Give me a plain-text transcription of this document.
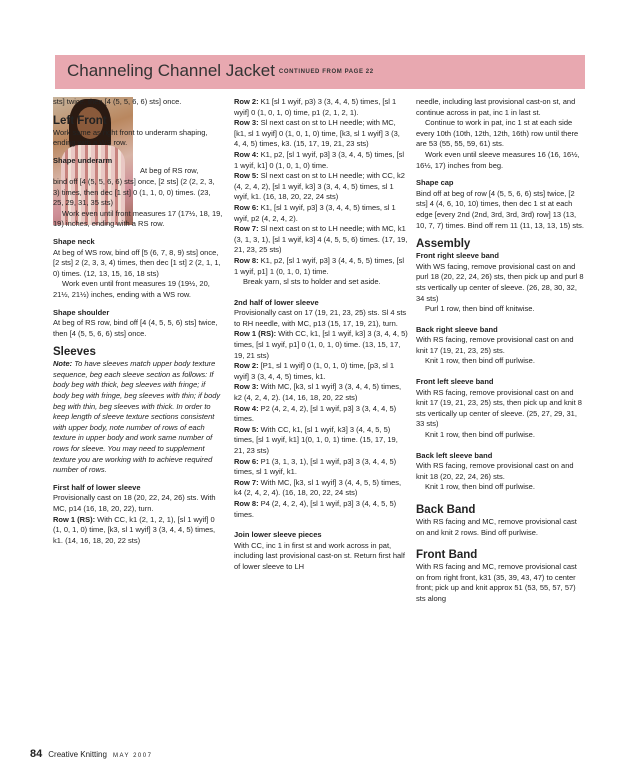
Channeling Channel Jacket CONTINUED FROM PAGE 22

sts] twice, then [4 (5, 5, 6, 6) sts] once.

Left Front

Work same as right front to underarm shaping, ending with a WS row.

Shape underarm

At beg of RS row,
bind off [4 (5, 5, 6, 6) sts] once, [2 sts] (2 (2, 2, 3, 3) times, then dec [1 st] 0 (1, 1, 0, 0) times. (23, 25, 29, 31, 35 sts)

Work even until front measures 17 (17½, 18, 19, 19) inches, ending with a RS row.

Shape neck

At beg of WS row, bind off [5 (6, 7, 8, 9) sts] once, [2 sts] 2 (2, 3, 3, 4) times, then dec [1 st] 2 (2, 1, 1, 0) times. (12, 13, 15, 16, 18 sts)

Work even until front measures 19 (19½, 20, 21½, 21½) inches, ending with a WS row.

Shape shoulder

At beg of RS row, bind off [4 (4, 5, 5, 6) sts] twice, then [4 (5, 5, 6, 6) sts] once.

Sleeves

Note: To have sleeves match upper body texture sequence, beg each sleeve section as follows: If body beg with thick, beg sleeves with fringe; if body beg with fringe, beg sleeves with thin; if body beg with thin, beg sleeves with thick. In order to keep length of sleeve texture sections consistent with upper body, note number of rows of each texture in upper body and work same number of rows for sleeve. You may need to supplement texture you are working with to achieve required number of rows.

First half of lower sleeve

Provisionally cast on 18 (20, 22, 24, 26) sts. With MC, p14 (16, 18, 20, 22), turn.

Row 1 (RS): With CC, k1 (2, 1, 2, 1), [sl 1 wyif] 0 (1, 0, 1, 0) time, [k3, sl 1 wyif] 3 (3, 4, 4, 5) times, k1. (14, 16, 18, 20, 22 sts)

Row 2: K1 [sl 1 wyif, p3) 3 (3, 4, 4, 5) times, [sl 1 wyif] 0 (1, 0, 1, 0) time, p1 (2, 1, 2, 1).

Row 3: Sl next cast on st to LH needle; with MC, [k1, sl 1 wyif] 0 (1, 0, 1, 0) time, [k3, sl 1 wyif] 3 (3, 4, 4, 5) times, k3. (15, 17, 19, 21, 23 sts)

Row 4: K1, p2, [sl 1 wyif, p3] 3 (3, 4, 4, 5) times, [sl 1 wyif, k1] 0 (1, 0, 1, 0) time.

Row 5: Sl next cast on st to LH needle; with CC, k2 (4, 2, 4, 2), [sl 1 wyif, k3] 3 (3, 4, 4, 5) times, sl 1 wyif, k1. (16, 18, 20, 22, 24 sts)

Row 6: K1, [sl 1 wyif, p3] 3 (3, 4, 4, 5) times, sl 1 wyif, p2 (4, 2, 4, 2).

Row 7: Sl next cast on st to LH needle; with MC, k1 (3, 1, 3, 1), [sl 1 wyif, k3] 4 (4, 5, 5, 6) times. (17, 19, 21, 23, 25 sts)

Row 8: K1, p2, [sl 1 wyif, p3] 3 (4, 4, 5, 5) times, [sl 1 wyif, p1] 1 (0, 1, 0, 1) time.

Break yarn, sl sts to holder and set aside.

2nd half of lower sleeve

Provisionally cast on 17 (19, 21, 23, 25) sts. Sl 4 sts to RH needle, with MC, p13 (15, 17, 19, 21), turn.

Row 1 (RS): With CC, k1, [sl 1 wyif, k3] 3 (3, 4, 4, 5) times, [sl 1 wyif, p1] 0 (1, 0, 1, 0) time. (13, 15, 17, 19, 21 sts)

Row 2: [P1, sl 1 wyif] 0 (1, 0, 1, 0) time, [p3, sl 1 wyif] 3 (3, 4, 4, 5) times, k1.

Row 3: With MC, [k3, sl 1 wyif] 3 (3, 4, 4, 5) times, k2 (4, 2, 4, 2). (14, 16, 18, 20, 22 sts)

Row 4: P2 (4, 2, 4, 2), [sl 1 wyif, p3] 3 (3, 4, 4, 5) times.

Row 5: With CC, k1, [sl 1 wyif, k3] 3 (4, 4, 5, 5) times, [sl 1 wyif, k1] 1(0, 1, 0, 1) time. (15, 17, 19, 21, 23 sts)

Row 6: P1 (3, 1, 3, 1), [sl 1 wyif, p3] 3 (3, 4, 4, 5) times, sl 1 wyif, k1.

Row 7: With MC, [k3, sl 1 wyif] 3 (4, 4, 5, 5) times, k4 (2, 4, 2, 4). (16, 18, 20, 22, 24 sts)

Row 8: P4 (2, 4, 2, 4), [sl 1 wyif, p3] 3 (4, 4, 5, 5) times.

Join lower sleeve pieces

With CC, inc 1 in first st and work across in pat, including last provisional cast-on st. Return first half of lower sleeve to LH

needle, including last provisional cast-on st, and continue across in pat, inc 1 in last st.

Continue to work in pat, inc 1 st at each side every 10th (10th, 12th, 12th, 16th) row until there are 53 (55, 55, 59, 61) sts.

Work even until sleeve measures 16 (16, 16½, 16½, 17) inches from beg.

Shape cap

Bind off at beg of row [4 (5, 5, 6, 6) sts] twice, [2 sts] 4 (4, 6, 10, 10) times, then dec 1 st at each edge [every 2nd (2nd, 3rd, 3rd, 3rd) row] 13 (13, 10, 7, 7) times. Bind off rem 11 (11, 13, 13, 15) sts.

Assembly

Front right sleeve band

With WS facing, remove provisional cast on and purl 18 (20, 22, 24, 26) sts, then pick up and purl 8 sts vertically up center of sleeve. (26, 28, 30, 32, 34 sts)

Purl 1 row, then bind off knitwise.

Back right sleeve band

With RS facing, remove provisional cast on and knit 17 (19, 21, 23, 25) sts.

Knit 1 row, then bind off purlwise.

Front left sleeve band

With RS facing, remove provisional cast on and knit 17 (19, 21, 23, 25) sts, then pick up and knit 8 sts vertically up center of sleeve. (25, 27, 29, 31, 33 sts)

Knit 1 row, then bind off purlwise.

Back left sleeve band

With RS facing, remove provisional cast on and knit 18 (20, 22, 24, 26) sts.

Knit 1 row, then bind off purlwise.

Back Band

With RS facing and MC, remove provisional cast on and knit 2 rows. Bind off purlwise.

Front Band

With RS facing and MC, remove provisional cast on from right front, k31 (35, 39, 43, 47) to center front; pick up and knit approx 51 (53, 55, 57, 57) sts along

84 Creative Knitting MAY 2007
